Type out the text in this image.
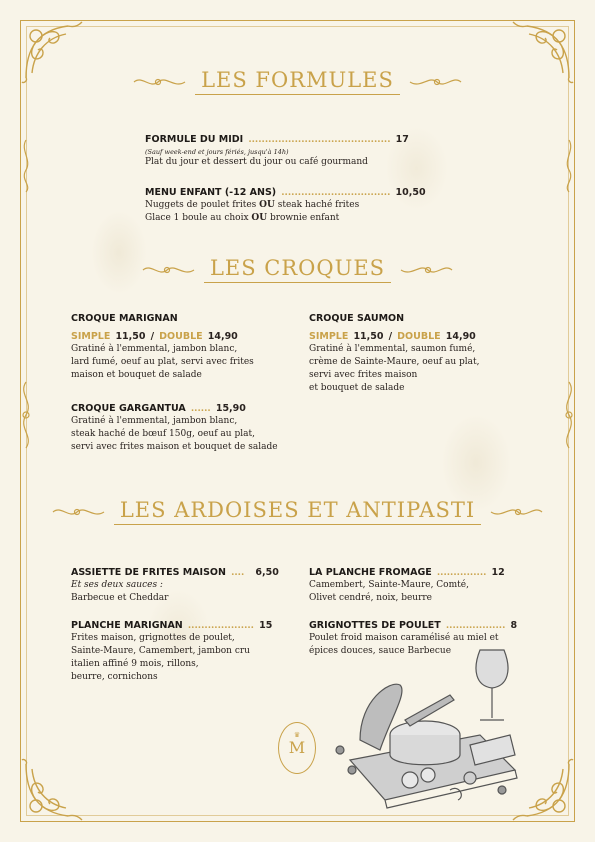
LES FORMULES
FORMULE DU MIDI ........................................... 17
(Sauf week-end et jours fériés, jusqu'à 14h)
Plat du jour et dessert du jour ou café gourmand
MENU ENFANT (-12 ANS) ................................. 10,50
Nuggets de poulet frites OU steak haché frites
Glace 1 boule au choix OU brownie enfant
LES CROQUES
CROQUE MARIGNAN
SIMPLE 11,50 / DOUBLE 14,90
Gratiné à l'emmental, jambon blanc,
lard fumé, oeuf au plat, servi avec frites
maison et bouquet de salade
CROQUE SAUMON
SIMPLE 11,50 / DOUBLE 14,90
Gratiné à l'emmental, saumon fumé,
crème de Sainte-Maure, oeuf au plat,
servi avec frites maison
et bouquet de salade
CROQUE GARGANTUA ...... 15,90
Gratiné à l'emmental, jambon blanc,
steak haché de bœuf 150g, oeuf au plat,
servi avec frites maison et bouquet de salade
LES ARDOISES ET ANTIPASTI
ASSIETTE DE FRITES MAISON .... 6,50
Et ses deux sauces :
Barbecue et Cheddar
LA PLANCHE FROMAGE ............... 12
Camembert, Sainte-Maure, Comté,
Olivet cendré, noix, beurre
PLANCHE MARIGNAN .................... 15
Frites maison, grignottes de poulet,
Sainte-Maure, Camembert, jambon cru
italien affiné 9 mois, rillons,
beurre, cornichons
GRIGNOTTES DE POULET .................. 8
Poulet froid maison caramélisé au miel et
épices douces, sauce Barbecue
♛
M
